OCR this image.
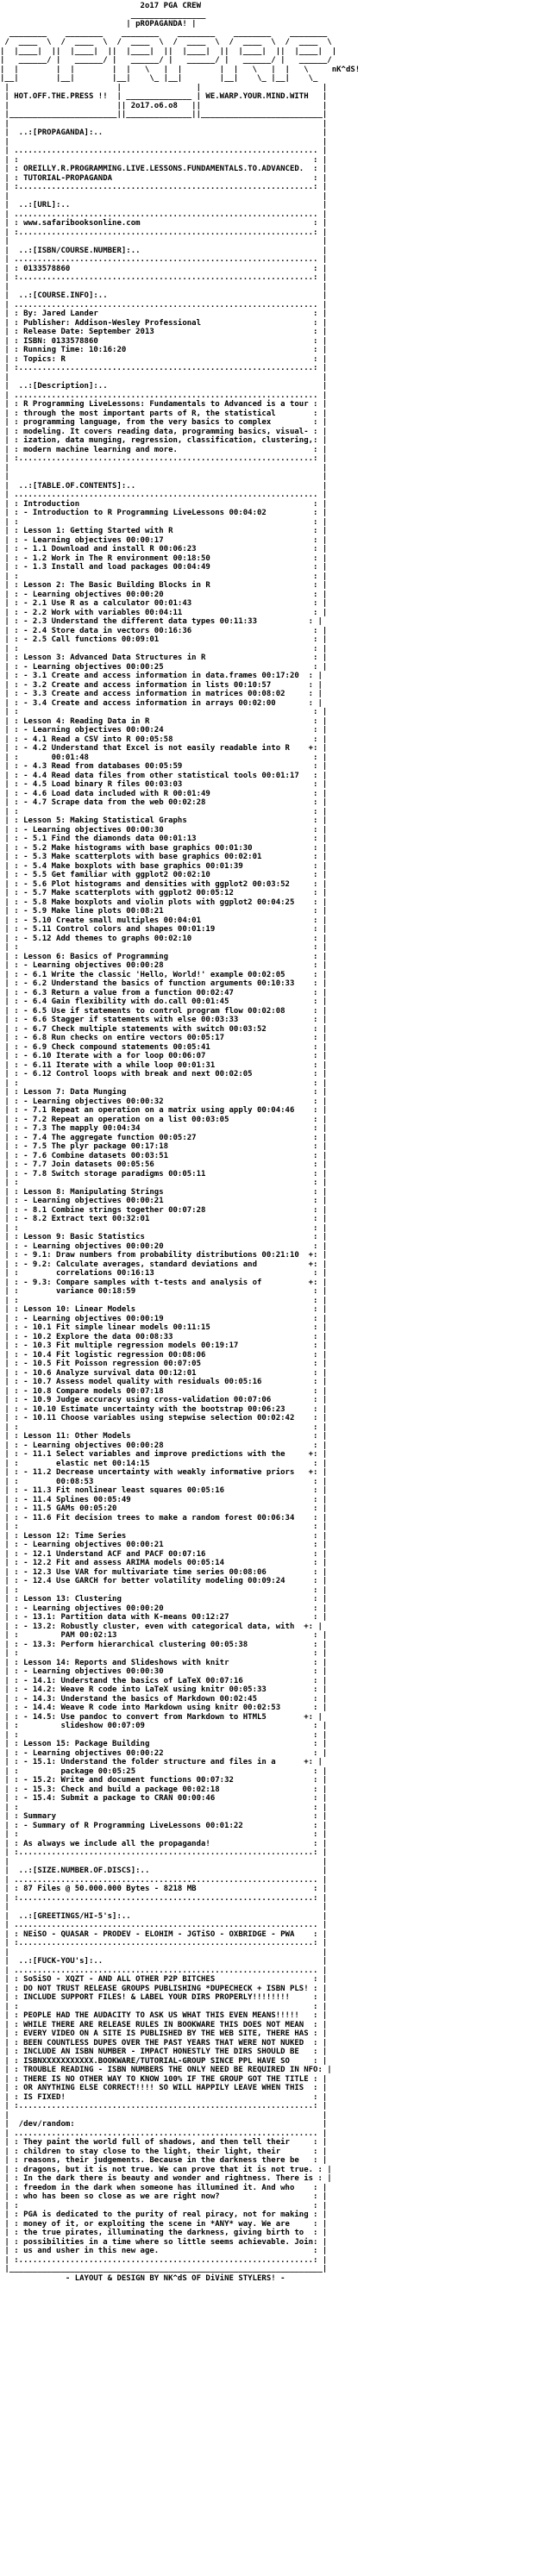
2o17 PGA CREW
________________
| pROPAGANDA! |
________    ________    ________    ________    ________    ________
/  ____  \  /  ____  \  /  ____  \  /  ____  \  /  ____  \  /  ____  \
|  |____|  ||  |____|  ||  |____|  ||  |____|  ||  |____|  ||  |____|  |
|   ______/ |   ______/ |   ______/ |   ______/ |   ______/ |   ______/
|  |        |  |        |  |   \   |  |        |  |   \   |  |   \     nK^dS!
|__|        |__|        |__|    \_ |__|        |__|    \_ |__|    \_
|                       |                |                          |
| HOT.OFF.THE.PRESS !!  | ______________ | WE.WARP.YOUR.MIND.WITH   |
|                       || 2o17.o6.o8   ||                          |
|_______________________||______________||__________________________|
|                                                                   |
|  ..:[PROPAGANDA]:..                                               |
|                                                                   |
| ................................................................. |
| :                                                               : |
| : OREILLY.R.PROGRAMMING.LIVE.LESSONS.FUNDAMENTALS.TO.ADVANCED.  : |
| : TUTORIAL-PROPAGANDA                                           : |
| :...............................................................: |
|                                                                   |
|  ..:[URL]:..                                                      |
| ................................................................. |
| : www.safaribooksonline.com                                     : |
| :...............................................................: |
|                                                                   |
|  ..:[ISBN/COURSE.NUMBER]:..                                       |
| ................................................................. |
| : 0133578860                                                    : |
| :...............................................................: |
|                                                                   |
|  ..:[COURSE.INFO]:..                                              |
| ................................................................. |
| : By: Jared Lander                                              : |
| : Publisher: Addison-Wesley Professional                        : |
| : Release Date: September 2013                                  : |
| : ISBN: 0133578860                                              : |
| : Running Time: 10:16:20                                        : |
| : Topics: R                                                     : |
| :...............................................................: |
|                                                                   |
|  ..:[Description]:..                                              |
| ................................................................. |
| : R Programming LiveLessons: Fundamentals to Advanced is a tour : |
| : through the most important parts of R, the statistical        : |
| : programming language, from the very basics to complex         : |
| : modeling. It covers reading data, programming basics, visual- : |
| : ization, data munging, regression, classification, clustering,: |
| : modern machine learning and more.                             : |
| :...............................................................: |
|                                                                   |
|                                                                   |
|  ..:[TABLE.OF.CONTENTS]:..                                        |
| ................................................................. |
| : Introduction                                                  : |
| : - Introduction to R Programming LiveLessons 00:04:02          : |
| :                                                               : |
| : Lesson 1: Getting Started with R                              : |
| : - Learning objectives 00:00:17                                : |
| : - 1.1 Download and install R 00:06:23                         : |
| : - 1.2 Work in The R environment 00:18:50                      : |
| : - 1.3 Install and load packages 00:04:49                      : |
| :                                                               : |
| : Lesson 2: The Basic Building Blocks in R                      : |
| : - Learning objectives 00:00:20                                : |
| : - 2.1 Use R as a calculator 00:01:43                          : |
| : - 2.2 Work with variables 00:04:11                            : |
| : - 2.3 Understand the different data types 00:11:33           : |
| : - 2.4 Store data in vectors 00:16:36                          : |
| : - 2.5 Call functions 00:09:01                                 : |
| :                                                               : |
| : Lesson 3: Advanced Data Structures in R                       : |
| : - Learning objectives 00:00:25                                : |
| : - 3.1 Create and access information in data.frames 00:17:20  : |
| : - 3.2 Create and access information in lists 00:10:57        : |
| : - 3.3 Create and access information in matrices 00:08:02     : |
| : - 3.4 Create and access information in arrays 00:02:00       : |
| :                                                               : |
| : Lesson 4: Reading Data in R                                   : |
| : - Learning objectives 00:00:24                                : |
| : - 4.1 Read a CSV into R 00:05:58                              : |
| : - 4.2 Understand that Excel is not easily readable into R    +: |
| :       00:01:48                                                : |
| : - 4.3 Read from databases 00:05:59                            : |
| : - 4.4 Read data files from other statistical tools 00:01:17   : |
| : - 4.5 Load binary R files 00:03:03                            : |
| : - 4.6 Load data included with R 00:01:49                      : |
| : - 4.7 Scrape data from the web 00:02:28                       : |
| :                                                               : |
| : Lesson 5: Making Statistical Graphs                           : |
| : - Learning objectives 00:00:30                                : |
| : - 5.1 Find the diamonds data 00:01:13                         : |
| : - 5.2 Make histograms with base graphics 00:01:30             : |
| : - 5.3 Make scatterplots with base graphics 00:02:01           : |
| : - 5.4 Make boxplots with base graphics 00:01:39               : |
| : - 5.5 Get familiar with ggplot2 00:02:10                      : |
| : - 5.6 Plot histograms and densities with ggplot2 00:03:52     : |
| : - 5.7 Make scatterplots with ggplot2 00:05:12                 : |
| : - 5.8 Make boxplots and violin plots with ggplot2 00:04:25    : |
| : - 5.9 Make line plots 00:08:21                                : |
| : - 5.10 Create small multiples 00:04:01                        : |
| : - 5.11 Control colors and shapes 00:01:19                     : |
| : - 5.12 Add themes to graphs 00:02:10                          : |
| :                                                               : |
| : Lesson 6: Basics of Programming                               : |
| : - Learning objectives 00:00:28                                : |
| : - 6.1 Write the classic 'Hello, World!' example 00:02:05      : |
| : - 6.2 Understand the basics of function arguments 00:10:33    : |
| : - 6.3 Return a value from a function 00:02:47                 : |
| : - 6.4 Gain flexibility with do.call 00:01:45                  : |
| : - 6.5 Use if statements to control program flow 00:02:08      : |
| : - 6.6 Stagger if statements with else 00:03:33                : |
| : - 6.7 Check multiple statements with switch 00:03:52          : |
| : - 6.8 Run checks on entire vectors 00:05:17                   : |
| : - 6.9 Check compound statements 00:05:41                      : |
| : - 6.10 Iterate with a for loop 00:06:07                       : |
| : - 6.11 Iterate with a while loop 00:01:31                     : |
| : - 6.12 Control loops with break and next 00:02:05             : |
| :                                                               : |
| : Lesson 7: Data Munging                                        : |
| : - Learning objectives 00:00:32                                : |
| : - 7.1 Repeat an operation on a matrix using apply 00:04:46    : |
| : - 7.2 Repeat an operation on a list 00:03:05                  : |
| : - 7.3 The mapply 00:04:34                                     : |
| : - 7.4 The aggregate function 00:05:27                         : |
| : - 7.5 The plyr package 00:17:18                               : |
| : - 7.6 Combine datasets 00:03:51                               : |
| : - 7.7 Join datasets 00:05:56                                  : |
| : - 7.8 Switch storage paradigms 00:05:11                       : |
| :                                                               : |
| : Lesson 8: Manipulating Strings                                : |
| : - Learning objectives 00:00:21                                : |
| : - 8.1 Combine strings together 00:07:28                       : |
| : - 8.2 Extract text 00:32:01                                   : |
| :                                                               : |
| : Lesson 9: Basic Statistics                                    : |
| : - Learning objectives 00:00:20                                : |
| : - 9.1: Draw numbers from probability distributions 00:21:10  +: |
| : - 9.2: Calculate averages, standard deviations and           +: |
| :        correlations 00:16:13                                  : |
| : - 9.3: Compare samples with t-tests and analysis of          +: |
| :        variance 00:18:59                                      : |
| :                                                               : |
| : Lesson 10: Linear Models                                      : |
| : - Learning objectives 00:00:19                                : |
| : - 10.1 Fit simple linear models 00:11:15                      : |
| : - 10.2 Explore the data 00:08:33                              : |
| : - 10.3 Fit multiple regression models 00:19:17                : |
| : - 10.4 Fit logistic regression 00:08:06                       : |
| : - 10.5 Fit Poisson regression 00:07:05                        : |
| : - 10.6 Analyze survival data 00:12:01                         : |
| : - 10.7 Assess model quality with residuals 00:05:16           : |
| : - 10.8 Compare models 00:07:18                                : |
| : - 10.9 Judge accuracy using cross-validation 00:07:06         : |
| : - 10.10 Estimate uncertainty with the bootstrap 00:06:23      : |
| : - 10.11 Choose variables using stepwise selection 00:02:42    : |
| :                                                               : |
| : Lesson 11: Other Models                                       : |
| : - Learning objectives 00:00:28                                : |
| : - 11.1 Select variables and improve predictions with the     +: |
| :        elastic net 00:14:15                                   : |
| : - 11.2 Decrease uncertainty with weakly informative priors   +: |
| :        00:08:53                                               : |
| : - 11.3 Fit nonlinear least squares 00:05:16                   : |
| : - 11.4 Splines 00:05:49                                       : |
| : - 11.5 GAMs 00:05:20                                          : |
| : - 11.6 Fit decision trees to make a random forest 00:06:34    : |
| :                                                               : |
| : Lesson 12: Time Series                                        : |
| : - Learning objectives 00:00:21                                : |
| : - 12.1 Understand ACF and PACF 00:07:16                       : |
| : - 12.2 Fit and assess ARIMA models 00:05:14                   : |
| : - 12.3 Use VAR for multivariate time series 00:08:06          : |
| : - 12.4 Use GARCH for better volatility modeling 00:09:24      : |
| :                                                               : |
| : Lesson 13: Clustering                                         : |
| : - Learning objectives 00:00:20                                : |
| : - 13.1: Partition data with K-means 00:12:27                  : |
| : - 13.2: Robustly cluster, even with categorical data, with  +: |
| :         PAM 00:02:13                                          : |
| : - 13.3: Perform hierarchical clustering 00:05:38              : |
| :                                                               : |
| : Lesson 14: Reports and Slideshows with knitr                  : |
| : - Learning objectives 00:00:30                                : |
| : - 14.1: Understand the basics of LaTeX 00:07:16               : |
| : - 14.2: Weave R code into LaTeX using knitr 00:05:33          : |
| : - 14.3: Understand the basics of Markdown 00:02:45            : |
| : - 14.4: Weave R code into Markdown using knitr 00:02:53       : |
| : - 14.5: Use pandoc to convert from Markdown to HTML5        +: |
| :         slideshow 00:07:09                                    : |
| :                                                               : |
| : Lesson 15: Package Building                                   : |
| : - Learning objectives 00:00:22                                : |
| : - 15.1: Understand the folder structure and files in a      +: |
| :         package 00:05:25                                      : |
| : - 15.2: Write and document functions 00:07:32                 : |
| : - 15.3: Check and build a package 00:02:18                    : |
| : - 15.4: Submit a package to CRAN 00:00:46                     : |
| :                                                               : |
| : Summary                                                       : |
| : - Summary of R Programming LiveLessons 00:01:22               : |
| :                                                               : |
| : As always we include all the propaganda!                      : |
| :...............................................................: |
|                                                                   |
|  ..:[SIZE.NUMBER.OF.DISCS]:..                                     |
| ................................................................. |
| : 87 Files @ 50.000.000 Bytes - 8218 MB                         : |
| :...............................................................: |
|                                                                   |
|  ..:[GREETINGS/HI-5's]:..                                         |
| ................................................................. |
| : NEiSO - QUASAR - PRODEV - ELOHIM - JGTiSO - OXBRIDGE - PWA    : |
| :...............................................................: |
|                                                                   |
|  ..:[FUCK-YOU's]:..                                               |
| ................................................................. |
| : SoSiSO - XQZT - AND ALL OTHER P2P BITCHES                     : |
| : DO NOT TRUST RELEASE GROUPS PUBLISHING *DUPECHECK + ISBN PLS! : |
| : INCLUDE SUPPORT FILES! & LABEL YOUR DIRS PROPERLY!!!!!!!!     : |
| :                                                               : |
| : PEOPLE HAD THE AUDACITY TO ASK US WHAT THIS EVEN MEANS!!!!!   : |
| : WHILE THERE ARE RELEASE RULES IN BOOKWARE THIS DOES NOT MEAN  : |
| : EVERY VIDEO ON A SITE IS PUBLISHED BY THE WEB SITE, THERE HAS : |
| : BEEN COUNTLESS DUPES OVER THE PAST YEARS THAT WERE NOT NUKED  : |
| : INCLUDE AN ISBN NUMBER - IMPACT HONESTLY THE DIRS SHOULD BE   : |
| : ISBNXXXXXXXXXXX.BOOKWARE/TUTORIAL-GROUP SINCE PPL HAVE SO     : |
| : TROUBLE READING - ISBN NUMBERS THE ONLY NEED BE REQUIRED IN NFO: |
| : THERE IS NO OTHER WAY TO KNOW 100% IF THE GROUP GOT THE TITLE : |
| : OR ANYTHING ELSE CORRECT!!!! SO WILL HAPPILY LEAVE WHEN THIS  : |
| : IS FIXED!                                                     : |
| :...............................................................: |
|                                                                   |
|  /dev/random:                                                     |
| ................................................................. |
| : They paint the world full of shadows, and then tell their     : |
| : children to stay close to the light, their light, their       : |
| : reasons, their judgements. Because in the darkness there be   : |
| : dragons, but it is not true. We can prove that it is not true. : |
| : In the dark there is beauty and wonder and rightness. There is : |
| : freedom in the dark when someone has illumined it. And who    : |
| : who has been so close as we are right now?                    : |
| :                                                               : |
| : PGA is dedicated to the purity of real piracy, not for making : |
| : money of it, or exploiting the scene in *ANY* way. We are     : |
| : the true pirates, illuminating the darkness, giving birth to  : |
| : possibilities in a time where so little seems achievable. Join: |
| : us and usher in this new age.                                 : |
| :...............................................................: |
|___________________________________________________________________|
- LAYOUT & DESIGN BY NK^dS OF DiViNE STYLERS! -
